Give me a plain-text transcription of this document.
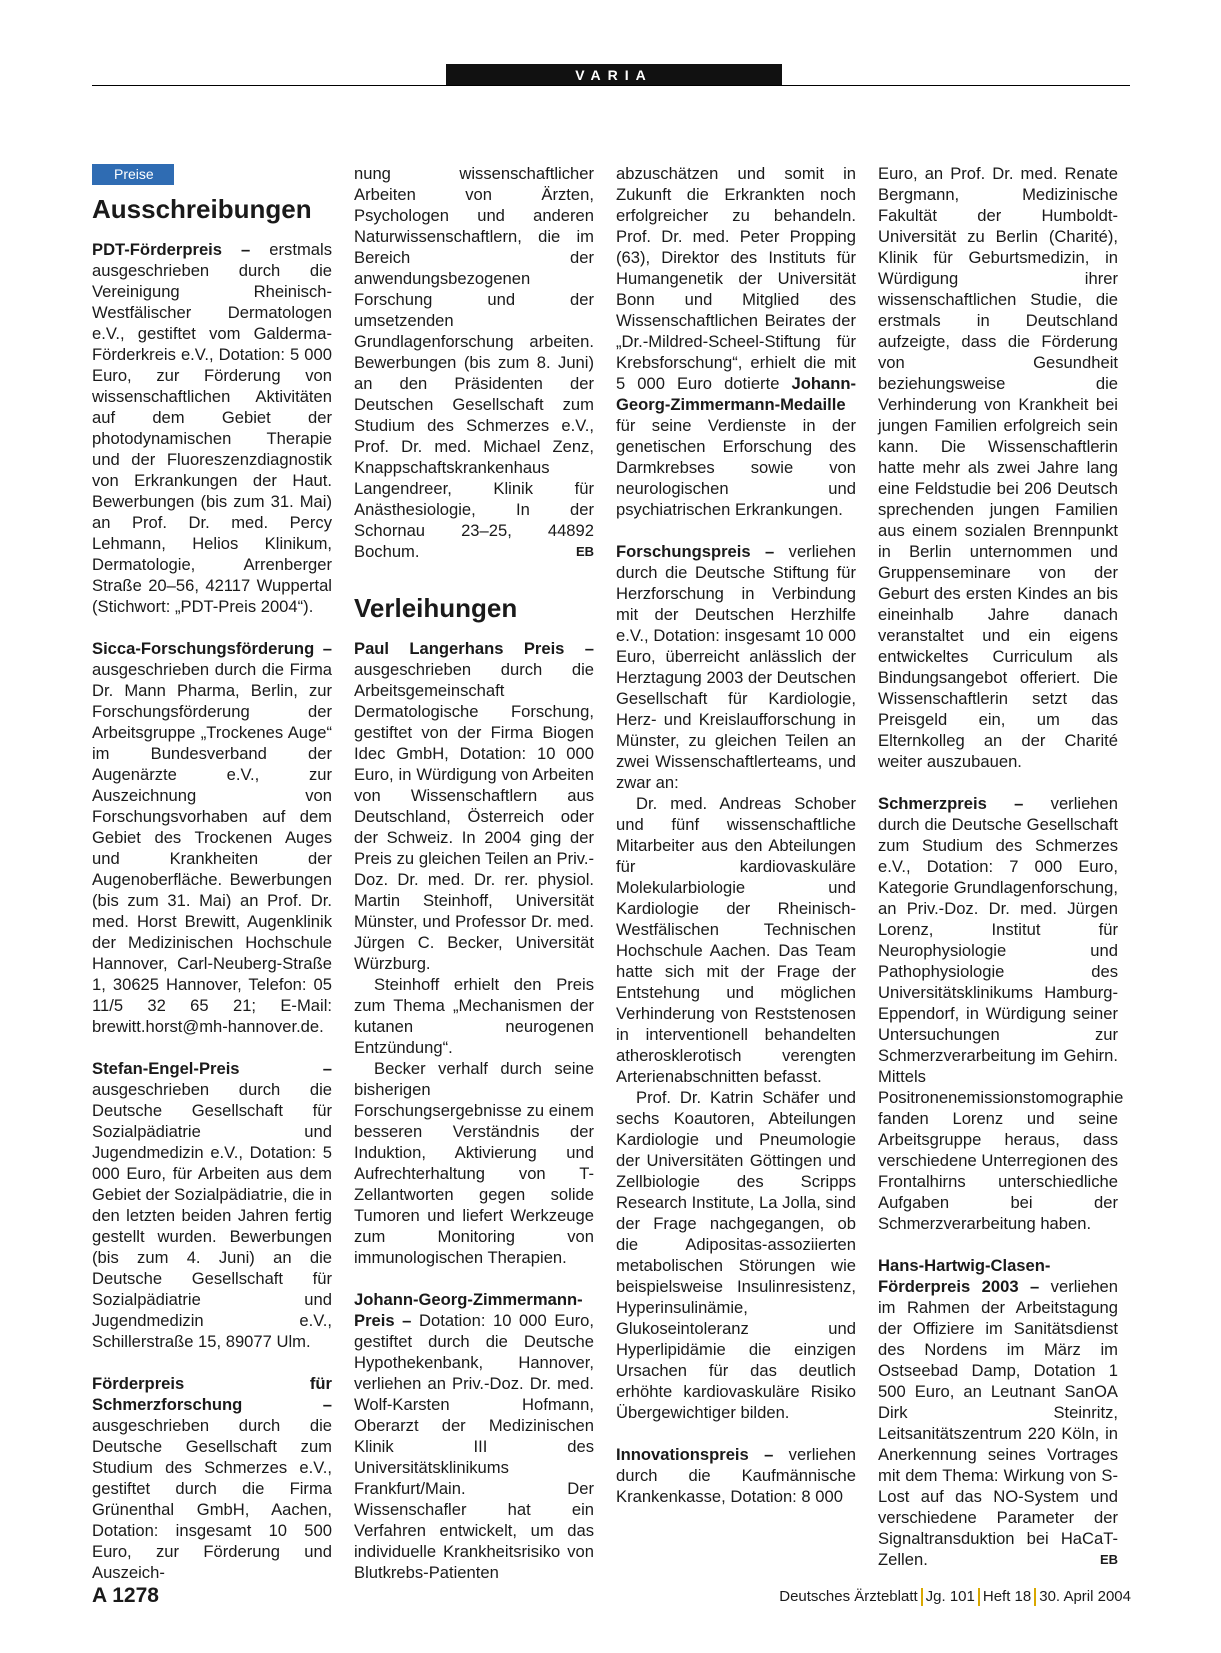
VARIA
Preise
Ausschreibungen

PDT-Förderpreis – erstmals ausgeschrieben durch die Vereinigung Rheinisch-Westfälischer Dermatologen e.V., gestiftet vom Galderma-Förderkreis e.V., Dotation: 5 000 Euro, zur Förderung von wissenschaftlichen Aktivitäten auf dem Gebiet der photodynamischen Therapie und der Fluoreszenzdiagnostik von Erkrankungen der Haut. Bewerbungen (bis zum 31. Mai) an Prof. Dr. med. Percy Lehmann, Helios Klinikum, Dermatologie, Arrenberger Straße 20–56, 42117 Wuppertal (Stichwort: „PDT-Preis 2004“).

Sicca-Forschungsförderung – ausgeschrieben durch die Firma Dr. Mann Pharma, Berlin, zur Forschungsförderung der Arbeitsgruppe „Trockenes Auge“ im Bundesverband der Augenärzte e.V., zur Auszeichnung von Forschungsvorhaben auf dem Gebiet des Trockenen Auges und Krankheiten der Augenoberfläche. Bewerbungen (bis zum 31. Mai) an Prof. Dr. med. Horst Brewitt, Augenklinik der Medizinischen Hochschule Hannover, Carl-Neuberg-Straße 1, 30625 Hannover, Telefon: 05 11/5 32 65 21; E-Mail: brewitt.horst@mh-hannover.de.

Stefan-Engel-Preis – ausgeschrieben durch die Deutsche Gesellschaft für Sozialpädiatrie und Jugendmedizin e.V., Dotation: 5 000 Euro, für Arbeiten aus dem Gebiet der Sozialpädiatrie, die in den letzten beiden Jahren fertig gestellt wurden. Bewerbungen (bis zum 4. Juni) an die Deutsche Gesellschaft für Sozialpädiatrie und Jugendmedizin e.V., Schillerstraße 15, 89077 Ulm.

Förderpreis für Schmerzforschung – ausgeschrieben durch die Deutsche Gesellschaft zum Studium des Schmerzes e.V., gestiftet durch die Firma Grünenthal GmbH, Aachen, Dotation: insgesamt 10 500 Euro, zur Förderung und Auszeich-

nung wissenschaftlicher Arbeiten von Ärzten, Psychologen und anderen Naturwissenschaftlern, die im Bereich der anwendungsbezogenen Forschung und der umsetzenden Grundlagenforschung arbeiten. Bewerbungen (bis zum 8. Juni) an den Präsidenten der Deutschen Gesellschaft zum Studium des Schmerzes e.V., Prof. Dr. med. Michael Zenz, Knappschaftskrankenhaus Langendreer, Klinik für Anästhesiologie, In der Schornau 23–25, 44892 Bochum.	EB

Verleihungen

Paul Langerhans Preis – ausgeschrieben durch die Arbeitsgemeinschaft Dermatologische Forschung, gestiftet von der Firma Biogen Idec GmbH, Dotation: 10 000 Euro, in Würdigung von Arbeiten von Wissenschaftlern aus Deutschland, Österreich oder der Schweiz. In 2004 ging der Preis zu gleichen Teilen an Priv.-Doz. Dr. med. Dr. rer. physiol. Martin Steinhoff, Universität Münster, und Professor Dr. med. Jürgen C. Becker, Universität Würzburg.

Steinhoff erhielt den Preis zum Thema „Mechanismen der kutanen neurogenen Entzündung“.

Becker verhalf durch seine bisherigen Forschungsergebnisse zu einem besseren Verständnis der Induktion, Aktivierung und Aufrechterhaltung von T-Zellantworten gegen solide Tumoren und liefert Werkzeuge zum Monitoring von immunologischen Therapien.

Johann-Georg-Zimmermann-Preis – Dotation: 10 000 Euro, gestiftet durch die Deutsche Hypothekenbank, Hannover, verliehen an Priv.-Doz. Dr. med. Wolf-Karsten Hofmann, Oberarzt der Medizinischen Klinik III des Universitätsklinikums Frankfurt/Main. Der Wissenschafler hat ein Verfahren entwickelt, um das individuelle Krankheitsrisiko von Blutkrebs-Patienten

abzuschätzen und somit in Zukunft die Erkrankten noch erfolgreicher zu behandeln. Prof. Dr. med. Peter Propping (63), Direktor des Instituts für Humangenetik der Universität Bonn und Mitglied des Wissenschaftlichen Beirates der „Dr.-Mildred-Scheel-Stiftung für Krebsforschung“, erhielt die mit 5 000 Euro dotierte Johann-Georg-Zimmermann-Medaille für seine Verdienste in der genetischen Erforschung des Darmkrebses sowie von neurologischen und psychiatrischen Erkrankungen.

Forschungspreis – verliehen durch die Deutsche Stiftung für Herzforschung in Verbindung mit der Deutschen Herzhilfe e.V., Dotation: insgesamt 10 000 Euro, überreicht anlässlich der Herztagung 2003 der Deutschen Gesellschaft für Kardiologie, Herz- und Kreislaufforschung in Münster, zu gleichen Teilen an zwei Wissenschaftlerteams, und zwar an:

Dr. med. Andreas Schober und fünf wissenschaftliche Mitarbeiter aus den Abteilungen für kardiovaskuläre Molekularbiologie und Kardiologie der Rheinisch-Westfälischen Technischen Hochschule Aachen. Das Team hatte sich mit der Frage der Entstehung und möglichen Verhinderung von Reststenosen in interventionell behandelten atherosklerotisch verengten Arterienabschnitten befasst.

Prof. Dr. Katrin Schäfer und sechs Koautoren, Abteilungen Kardiologie und Pneumologie der Universitäten Göttingen und Zellbiologie des Scripps Research Institute, La Jolla, sind der Frage nachgegangen, ob die Adipositas-assoziierten metabolischen Störungen wie beispielsweise Insulinresistenz, Hyperinsulinämie, Glukoseintoleranz und Hyperlipidämie die einzigen Ursachen für das deutlich erhöhte kardiovaskuläre Risiko Übergewichtiger bilden.

Innovationspreis – verliehen durch die Kaufmännische Krankenkasse, Dotation: 8 000

Euro, an Prof. Dr. med. Renate Bergmann, Medizinische Fakultät der Humboldt-Universität zu Berlin (Charité), Klinik für Geburtsmedizin, in Würdigung ihrer wissenschaftlichen Studie, die erstmals in Deutschland aufzeigte, dass die Förderung von Gesundheit beziehungsweise die Verhinderung von Krankheit bei jungen Familien erfolgreich sein kann. Die Wissenschaftlerin hatte mehr als zwei Jahre lang eine Feldstudie bei 206 Deutsch sprechenden jungen Familien aus einem sozialen Brennpunkt in Berlin unternommen und Gruppenseminare von der Geburt des ersten Kindes an bis eineinhalb Jahre danach veranstaltet und ein eigens entwickeltes Curriculum als Bindungsangebot offeriert. Die Wissenschaftlerin setzt das Preisgeld ein, um das Elternkolleg an der Charité weiter auszubauen.

Schmerzpreis – verliehen durch die Deutsche Gesellschaft zum Studium des Schmerzes e.V., Dotation: 7 000 Euro, Kategorie Grundlagenforschung, an Priv.-Doz. Dr. med. Jürgen Lorenz, Institut für Neurophysiologie und Pathophysiologie des Universitätsklinikums Hamburg-Eppendorf, in Würdigung seiner Untersuchungen zur Schmerzverarbeitung im Gehirn. Mittels Positronenemissionstomographie fanden Lorenz und seine Arbeitsgruppe heraus, dass verschiedene Unterregionen des Frontalhirns unterschiedliche Aufgaben bei der Schmerzverarbeitung haben.

Hans-Hartwig-Clasen-Förderpreis 2003 – verliehen im Rahmen der Arbeitstagung der Offiziere im Sanitätsdienst des Nordens im März im Ostseebad Damp, Dotation 1 500 Euro, an Leutnant SanOA Dirk Steinritz, Leitsanitätszentrum 220 Köln, in Anerkennung seines Vortrages mit dem Thema: Wirkung von S-Lost auf das NO-System und verschiedene Parameter der Signaltransduktion bei HaCaT-Zellen.	EB

A 1278	Deutsches Ärzteblatt Jg. 101 Heft 18 30. April 2004
